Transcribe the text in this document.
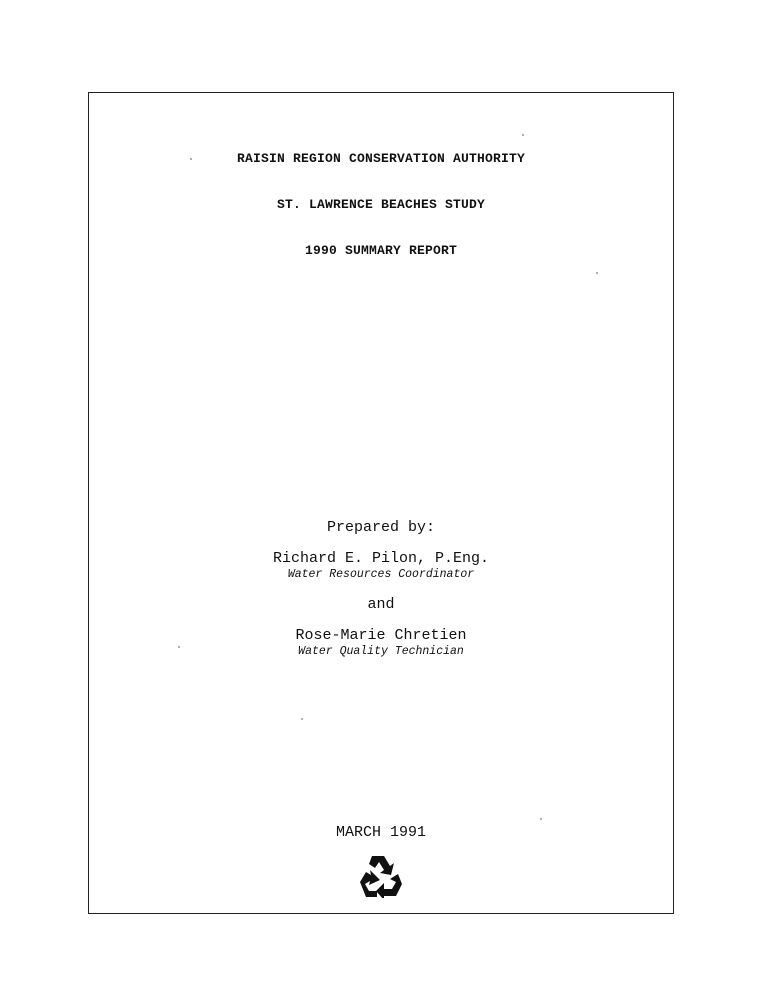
RAISIN REGION CONSERVATION AUTHORITY
ST. LAWRENCE BEACHES STUDY
1990 SUMMARY REPORT
Prepared by:
Richard E. Pilon, P.Eng.
Water Resources Coordinator
and
Rose-Marie Chretien
Water Quality Technician
MARCH 1991
